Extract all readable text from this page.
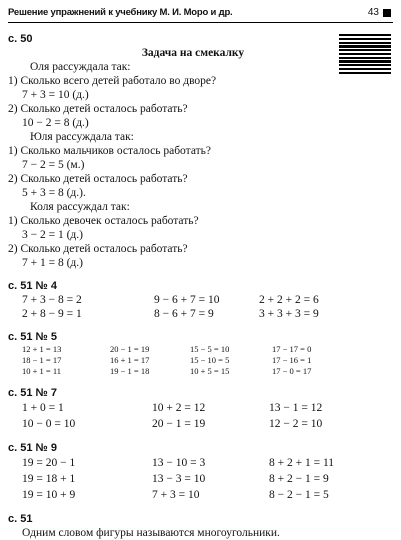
Решение упражнений к учебнику М. И. Моро и др.	43
с. 50
Задача на смекалку
Оля рассуждала так:
1) Сколько всего детей работало во дворе?
7 + 3 = 10 (д.)
2) Сколько детей осталось работать?
10 − 2 = 8 (д.)
Юля рассуждала так:
1) Сколько мальчиков осталось работать?
7 − 2 = 5 (м.)
2) Сколько детей осталось работать?
5 + 3 = 8 (д.).
Коля рассуждал так:
1) Сколько девочек осталось работать?
3 − 2 = 1 (д.)
2) Сколько детей осталось работать?
7 + 1 = 8 (д.)
с. 51 № 4
7 + 3 − 8 = 2	9 − 6 + 7 = 10	2 + 2 + 2 = 6
2 + 8 − 9 = 1	8 − 6 + 7 = 9	3 + 3 + 3 = 9
с. 51 № 5
12 + 1 = 13	20 − 1 = 19	15 − 5 = 10	17 − 17 = 0
18 − 1 = 17	16 + 1 = 17	15 − 10 = 5	17 − 16 = 1
10 + 1 = 11	19 − 1 = 18	10 + 5 = 15	17 − 0 = 17
с. 51 № 7
1 + 0 = 1	10 + 2 = 12	13 − 1 = 12
10 − 0 = 10	20 − 1 = 19	12 − 2 = 10
с. 51 № 9
19 = 20 − 1	13 − 10 = 3	8 + 2 + 1 = 11
19 = 18 + 1	13 − 3 = 10	8 + 2 − 1 = 9
19 = 10 + 9	7 + 3 = 10	8 − 2 − 1 = 5
с. 51
Одним словом фигуры называются многоугольники.
